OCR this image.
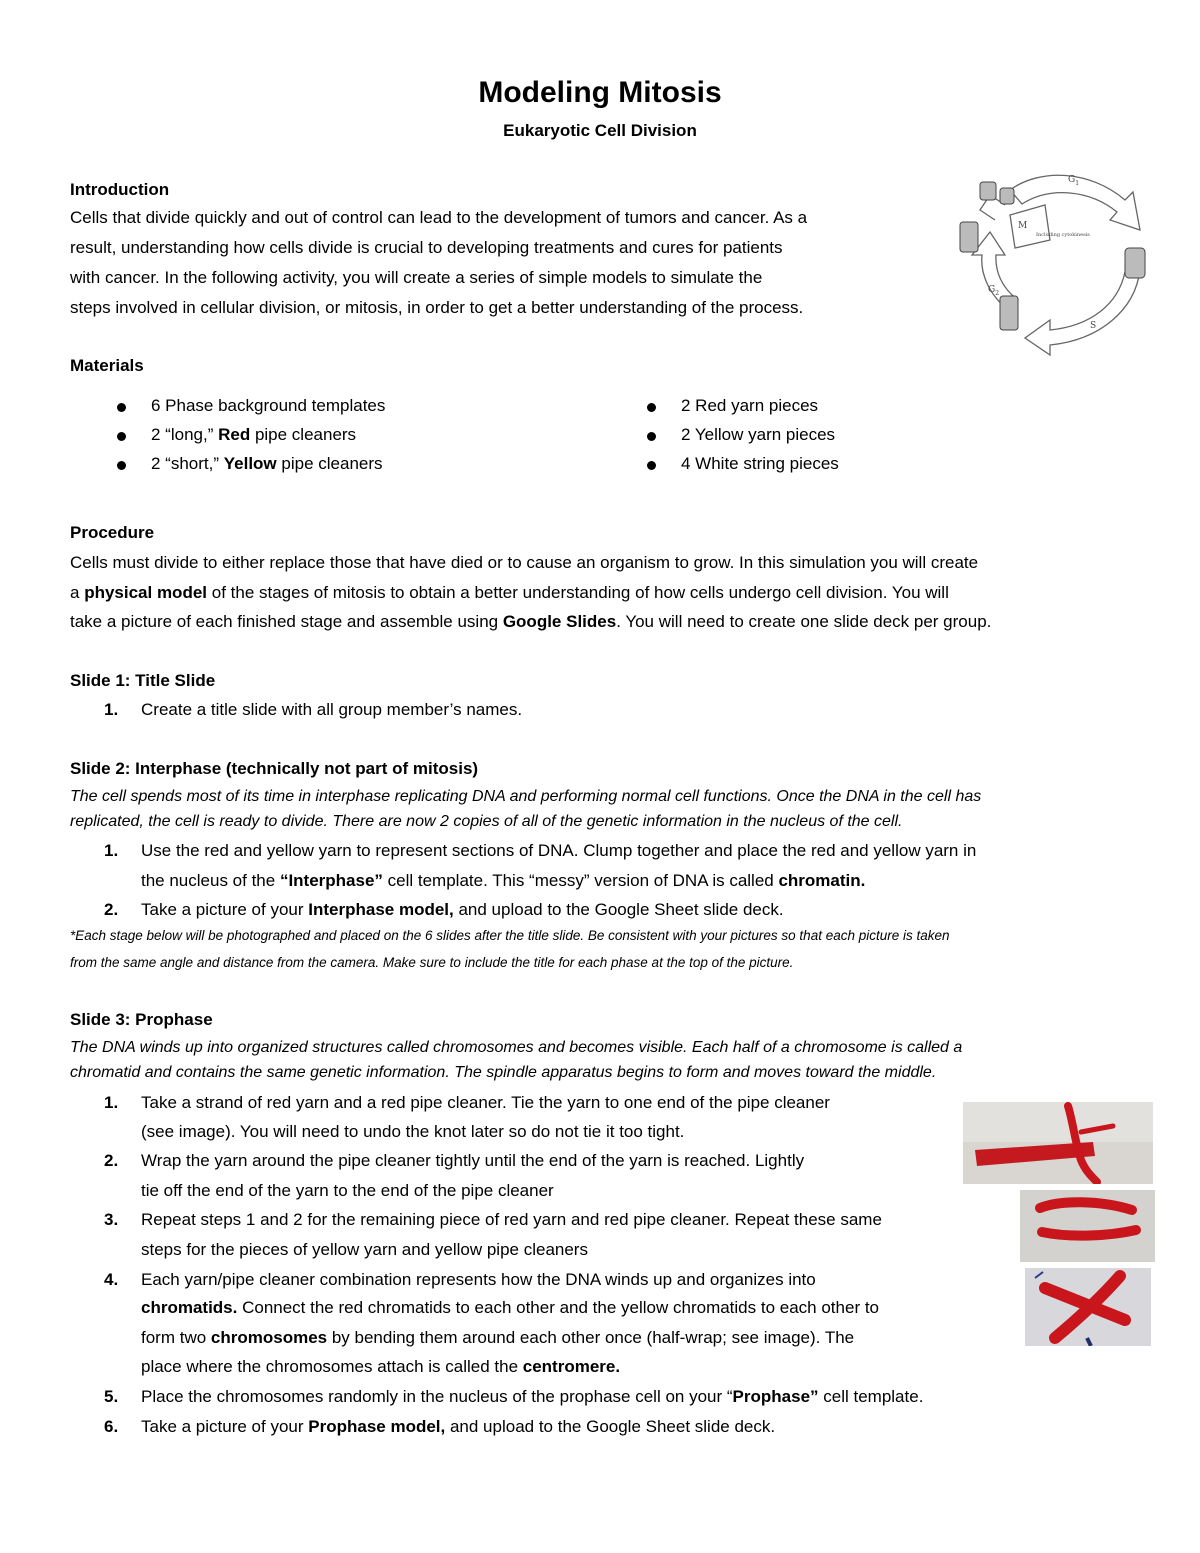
Modeling Mitosis
Eukaryotic Cell Division
Introduction
Cells that divide quickly and out of control can lead to the development of tumors and cancer. As a
result, understanding how cells divide is crucial to developing treatments and cures for patients
with cancer. In the following activity, you will create a series of simple models to simulate the
steps involved in cellular division, or mitosis, in order to get a better understanding of the process.
$G_1$
M
Including cytokinesis
$G_2$
S
Materials
6 Phase background templates
2 “long,” Red pipe cleaners
2 “short,” Yellow pipe cleaners
2 Red yarn pieces
2 Yellow yarn pieces
4 White string pieces
Procedure
Cells must divide to either replace those that have died or to cause an organism to grow. In this simulation you will create
a physical model of the stages of mitosis to obtain a better understanding of how cells undergo cell division. You will
take a picture of each finished stage and assemble using Google Slides. You will need to create one slide deck per group.
Slide 1: Title Slide
1. Create a title slide with all group member’s names.
Slide 2: Interphase (technically not part of mitosis)
The cell spends most of its time in interphase replicating DNA and performing normal cell functions. Once the DNA in the cell has
replicated, the cell is ready to divide. There are now 2 copies of all of the genetic information in the nucleus of the cell.
1. Use the red and yellow yarn to represent sections of DNA. Clump together and place the red and yellow yarn in
the nucleus of the “Interphase” cell template. This “messy” version of DNA is called chromatin.
2. Take a picture of your Interphase model, and upload to the Google Sheet slide deck.
*Each stage below will be photographed and placed on the 6 slides after the title slide. Be consistent with your pictures so that each picture is taken
from the same angle and distance from the camera. Make sure to include the title for each phase at the top of the picture.
Slide 3: Prophase
The DNA winds up into organized structures called chromosomes and becomes visible. Each half of a chromosome is called a
chromatid and contains the same genetic information. The spindle apparatus begins to form and moves toward the middle.
1. Take a strand of red yarn and a red pipe cleaner. Tie the yarn to one end of the pipe cleaner
(see image). You will need to undo the knot later so do not tie it too tight.
2. Wrap the yarn around the pipe cleaner tightly until the end of the yarn is reached. Lightly
tie off the end of the yarn to the end of the pipe cleaner
3. Repeat steps 1 and 2 for the remaining piece of red yarn and red pipe cleaner. Repeat these same
steps for the pieces of yellow yarn and yellow pipe cleaners
4. Each yarn/pipe cleaner combination represents how the DNA winds up and organizes into
chromatids. Connect the red chromatids to each other and the yellow chromatids to each other to
form two chromosomes by bending them around each other once (half-wrap; see image). The
place where the chromosomes attach is called the centromere.
5. Place the chromosomes randomly in the nucleus of the prophase cell on your “Prophase” cell template.
6. Take a picture of your Prophase model, and upload to the Google Sheet slide deck.
